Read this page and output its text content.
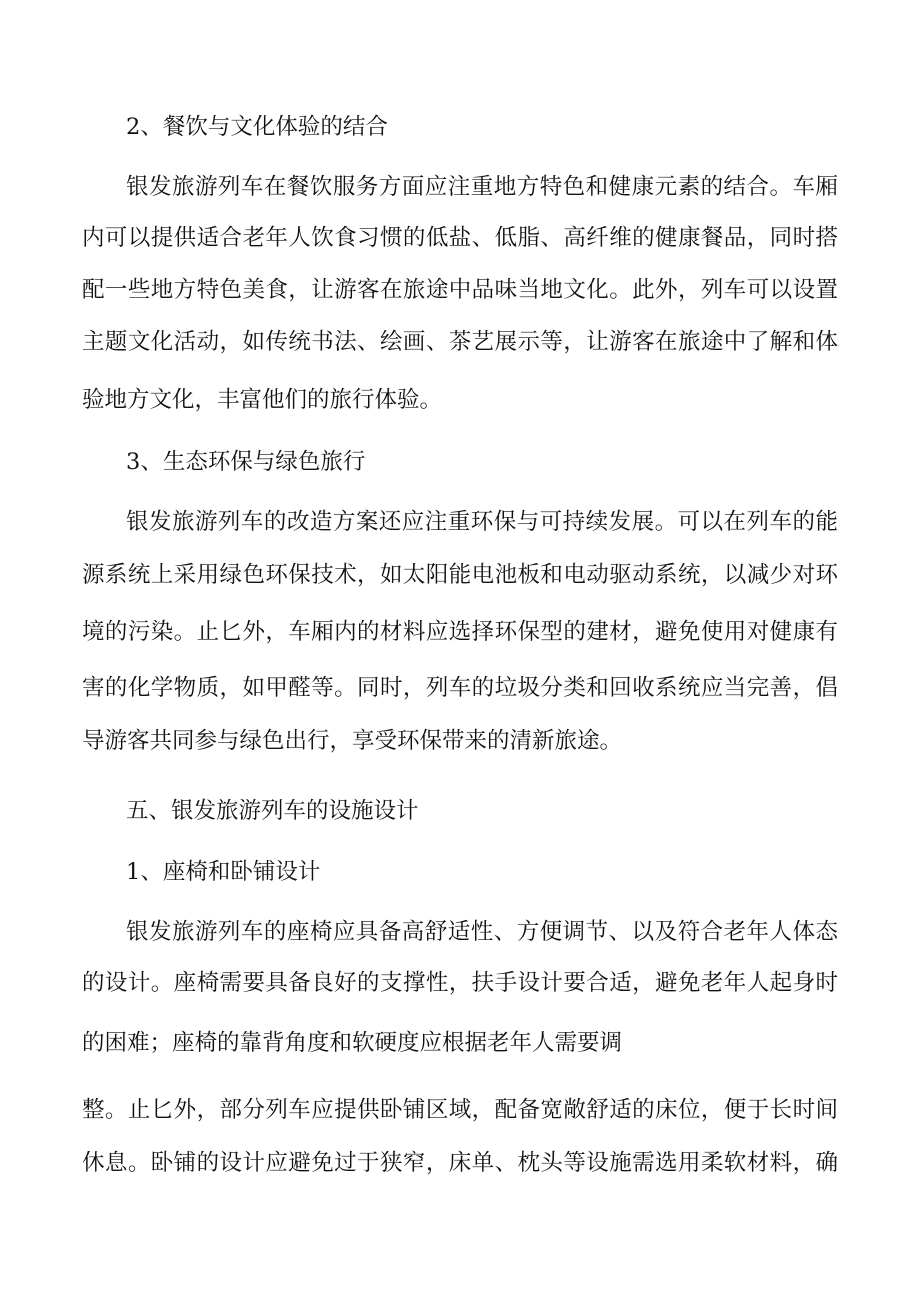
2、餐饮与文化体验的结合
银发旅游列车在餐饮服务方面应注重地方特色和健康元素的结合。车厢
内可以提供适合老年人饮食习惯的低盐、低脂、高纤维的健康餐品，同时搭
配一些地方特色美食，让游客在旅途中品味当地文化。此外，列车可以设置
主题文化活动，如传统书法、绘画、茶艺展示等，让游客在旅途中了解和体
验地方文化，丰富他们的旅行体验。
3、生态环保与绿色旅行
银发旅游列车的改造方案还应注重环保与可持续发展。可以在列车的能
源系统上采用绿色环保技术，如太阳能电池板和电动驱动系统，以减少对环
境的污染。止匕外，车厢内的材料应选择环保型的建材，避免使用对健康有
害的化学物质，如甲醛等。同时，列车的垃圾分类和回收系统应当完善，倡
导游客共同参与绿色出行，享受环保带来的清新旅途。
五、银发旅游列车的设施设计
1、座椅和卧铺设计
银发旅游列车的座椅应具备高舒适性、方便调节、以及符合老年人体态
的设计。座椅需要具备良好的支撑性，扶手设计要合适，避免老年人起身时
的困难；座椅的靠背角度和软硬度应根据老年人需要调
整。止匕外，部分列车应提供卧铺区域，配备宽敞舒适的床位，便于长时间
休息。卧铺的设计应避免过于狭窄，床单、枕头等设施需选用柔软材料，确
